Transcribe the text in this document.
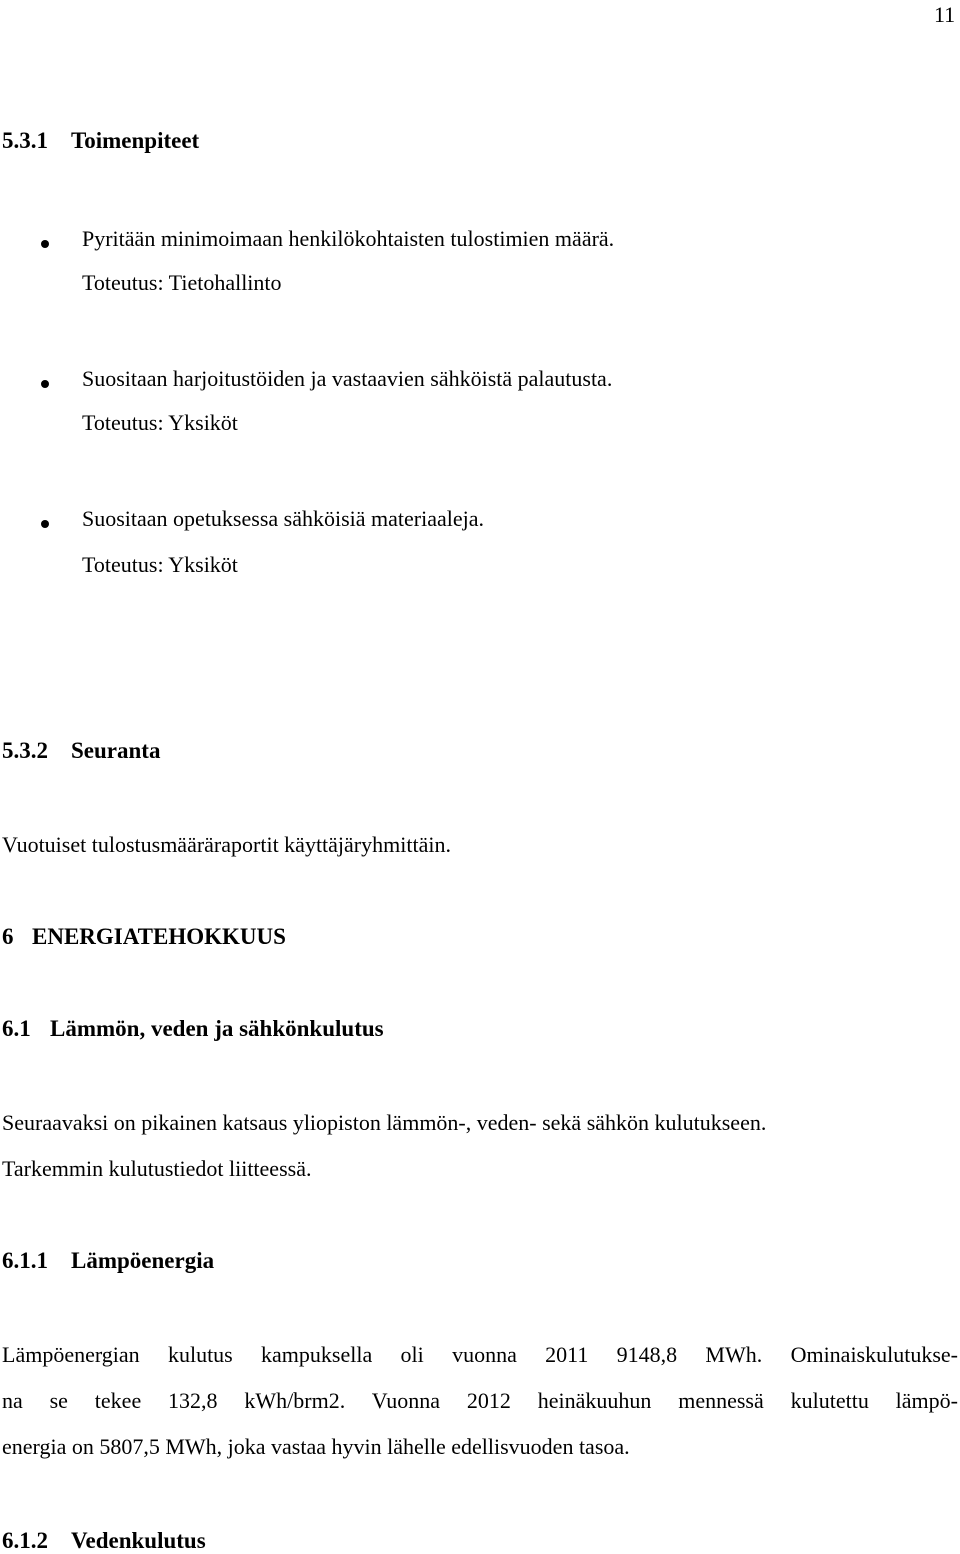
11
5.3.1 Toimenpiteet
Pyritään minimoimaan henkilökohtaisten tulostimien määrä.
Toteutus: Tietohallinto
Suositaan harjoitustöiden ja vastaavien sähköistä palautusta.
Toteutus: Yksiköt
Suositaan opetuksessa sähköisiä materiaaleja.
Toteutus: Yksiköt
5.3.2 Seuranta
Vuotuiset tulostusmääräraportit käyttäjäryhmittäin.
6 ENERGIATEHOKKUUS
6.1 Lämmön, veden ja sähkönkulutus
Seuraavaksi on pikainen katsaus yliopiston lämmön-, veden- sekä sähkön kulutukseen.
Tarkemmin kulutustiedot liitteessä.
6.1.1 Lämpöenergia
Lämpöenergian kulutus kampuksella oli vuonna 2011 9148,8 MWh. Ominaiskulutukse-
na se tekee 132,8 kWh/brm2. Vuonna 2012 heinäkuuhun mennessä kulutettu lämpö-
energia on 5807,5 MWh, joka vastaa hyvin lähelle edellisvuoden tasoa.
6.1.2 Vedenkulutus
